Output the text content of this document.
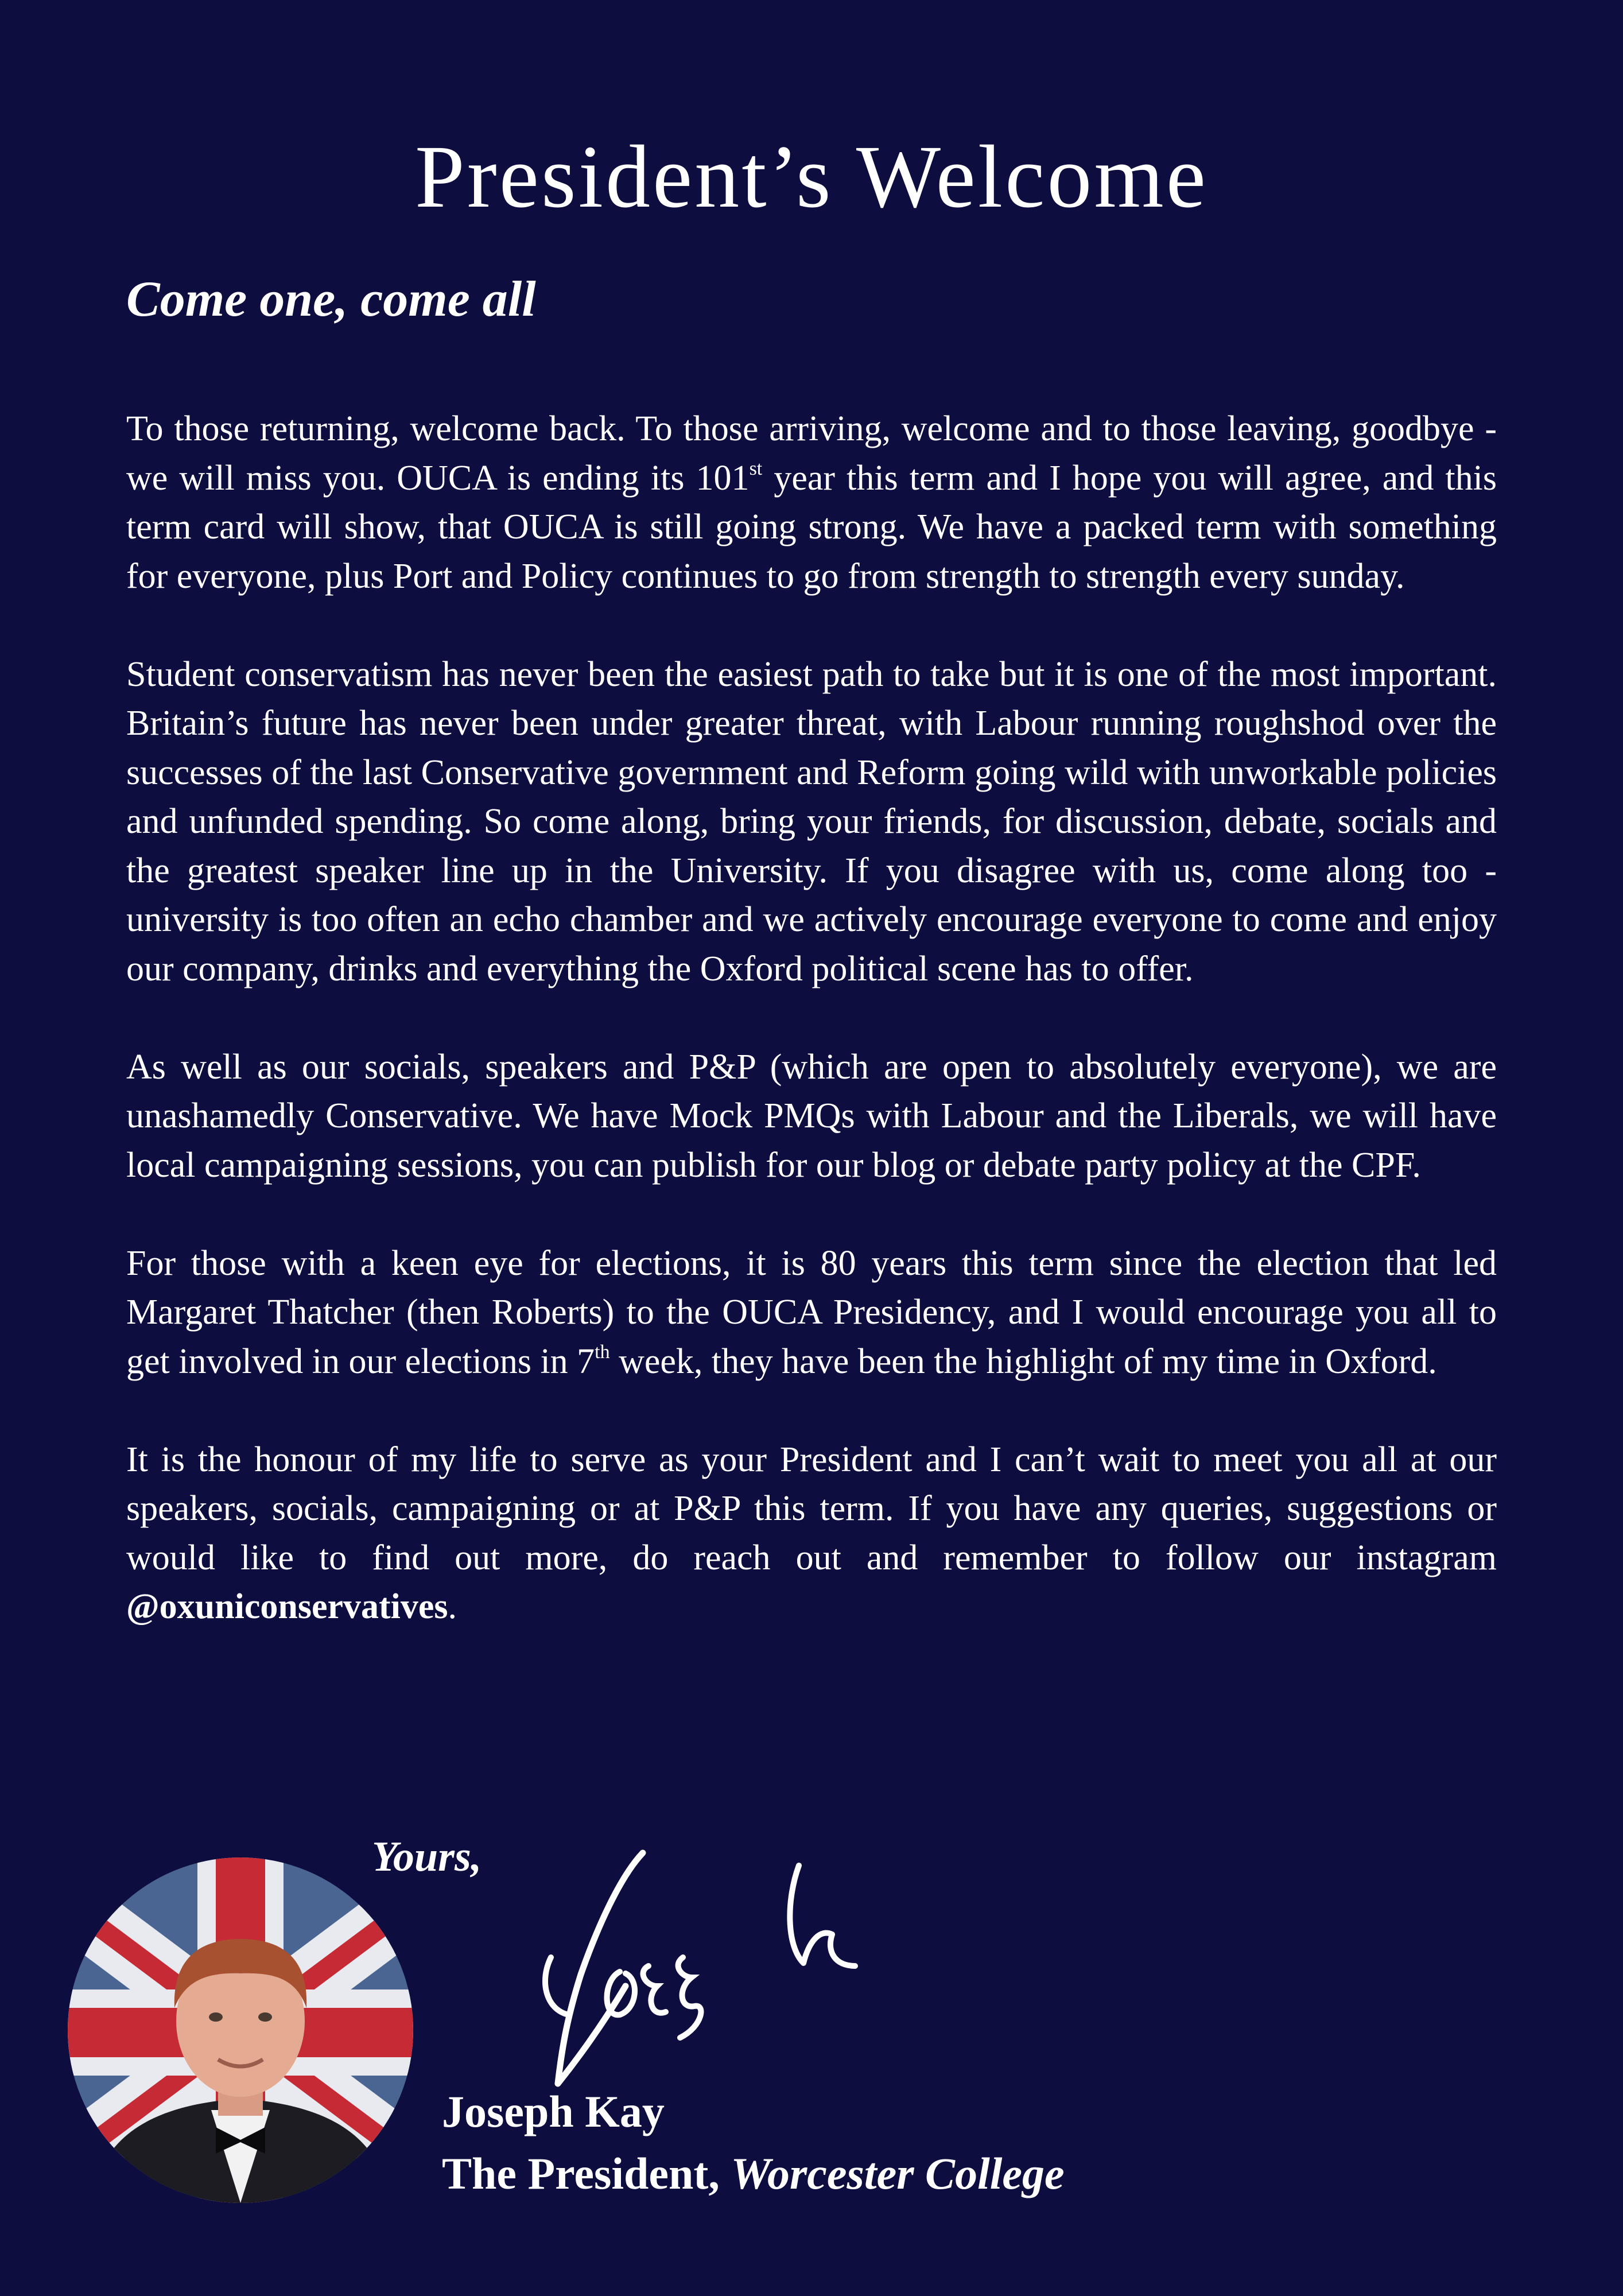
President’s Welcome
Come one, come all

To those returning, welcome back. To those arriving, welcome and to those leaving, goodbye - we will miss you. OUCA is ending its 101st year this term and I hope you will agree, and this term card will show, that OUCA is still going strong. We have a packed term with something for everyone, plus Port and Policy continues to go from strength to strength every sunday.

Student conservatism has never been the easiest path to take but it is one of the most important. Britain’s future has never been under greater threat, with Labour running roughshod over the successes of the last Conservative government and Reform going wild with unworkable policies and unfunded spending. So come along, bring your friends, for discussion, debate, socials and the greatest speaker line up in the University. If you disagree with us, come along too - university is too often an echo chamber and we actively encourage everyone to come and enjoy our company, drinks and everything the Oxford political scene has to offer.

As well as our socials, speakers and P&P (which are open to absolutely everyone), we are unashamedly Conservative. We have Mock PMQs with Labour and the Liberals, we will have local campaigning sessions, you can publish for our blog or debate party policy at the CPF.

For those with a keen eye for elections, it is 80 years this term since the election that led Margaret Thatcher (then Roberts) to the OUCA Presidency, and I would encourage you all to get involved in our elections in 7th week, they have been the highlight of my time in Oxford.

It is the honour of my life to serve as your President and I can’t wait to meet you all at our speakers, socials, campaigning or at P&P this term. If you have any queries, suggestions or would like to find out more, do reach out and remember to follow our instagram @oxuniconservatives.

Yours,
Joseph Kay
The President, Worcester College
